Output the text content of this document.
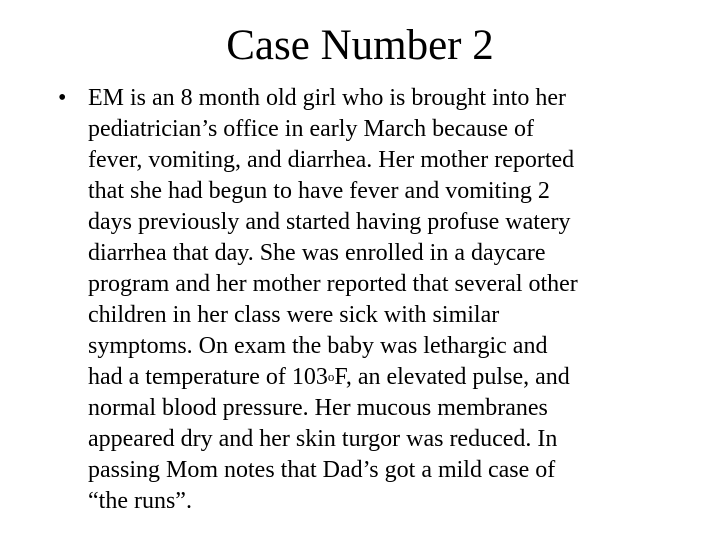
Case Number 2
• EM is an 8 month old girl who is brought into her
pediatrician’s office in early March because of
fever, vomiting, and diarrhea. Her mother reported
that she had begun to have fever and vomiting 2
days previously and started having profuse watery
diarrhea that day. She was enrolled in a daycare
program and her mother reported that several other
children in her class were sick with similar
symptoms. On exam the baby was lethargic and
had a temperature of 103$^o$F, an elevated pulse, and
normal blood pressure. Her mucous membranes
appeared dry and her skin turgor was reduced. In
passing Mom notes that Dad’s got a mild case of
“the runs”.
